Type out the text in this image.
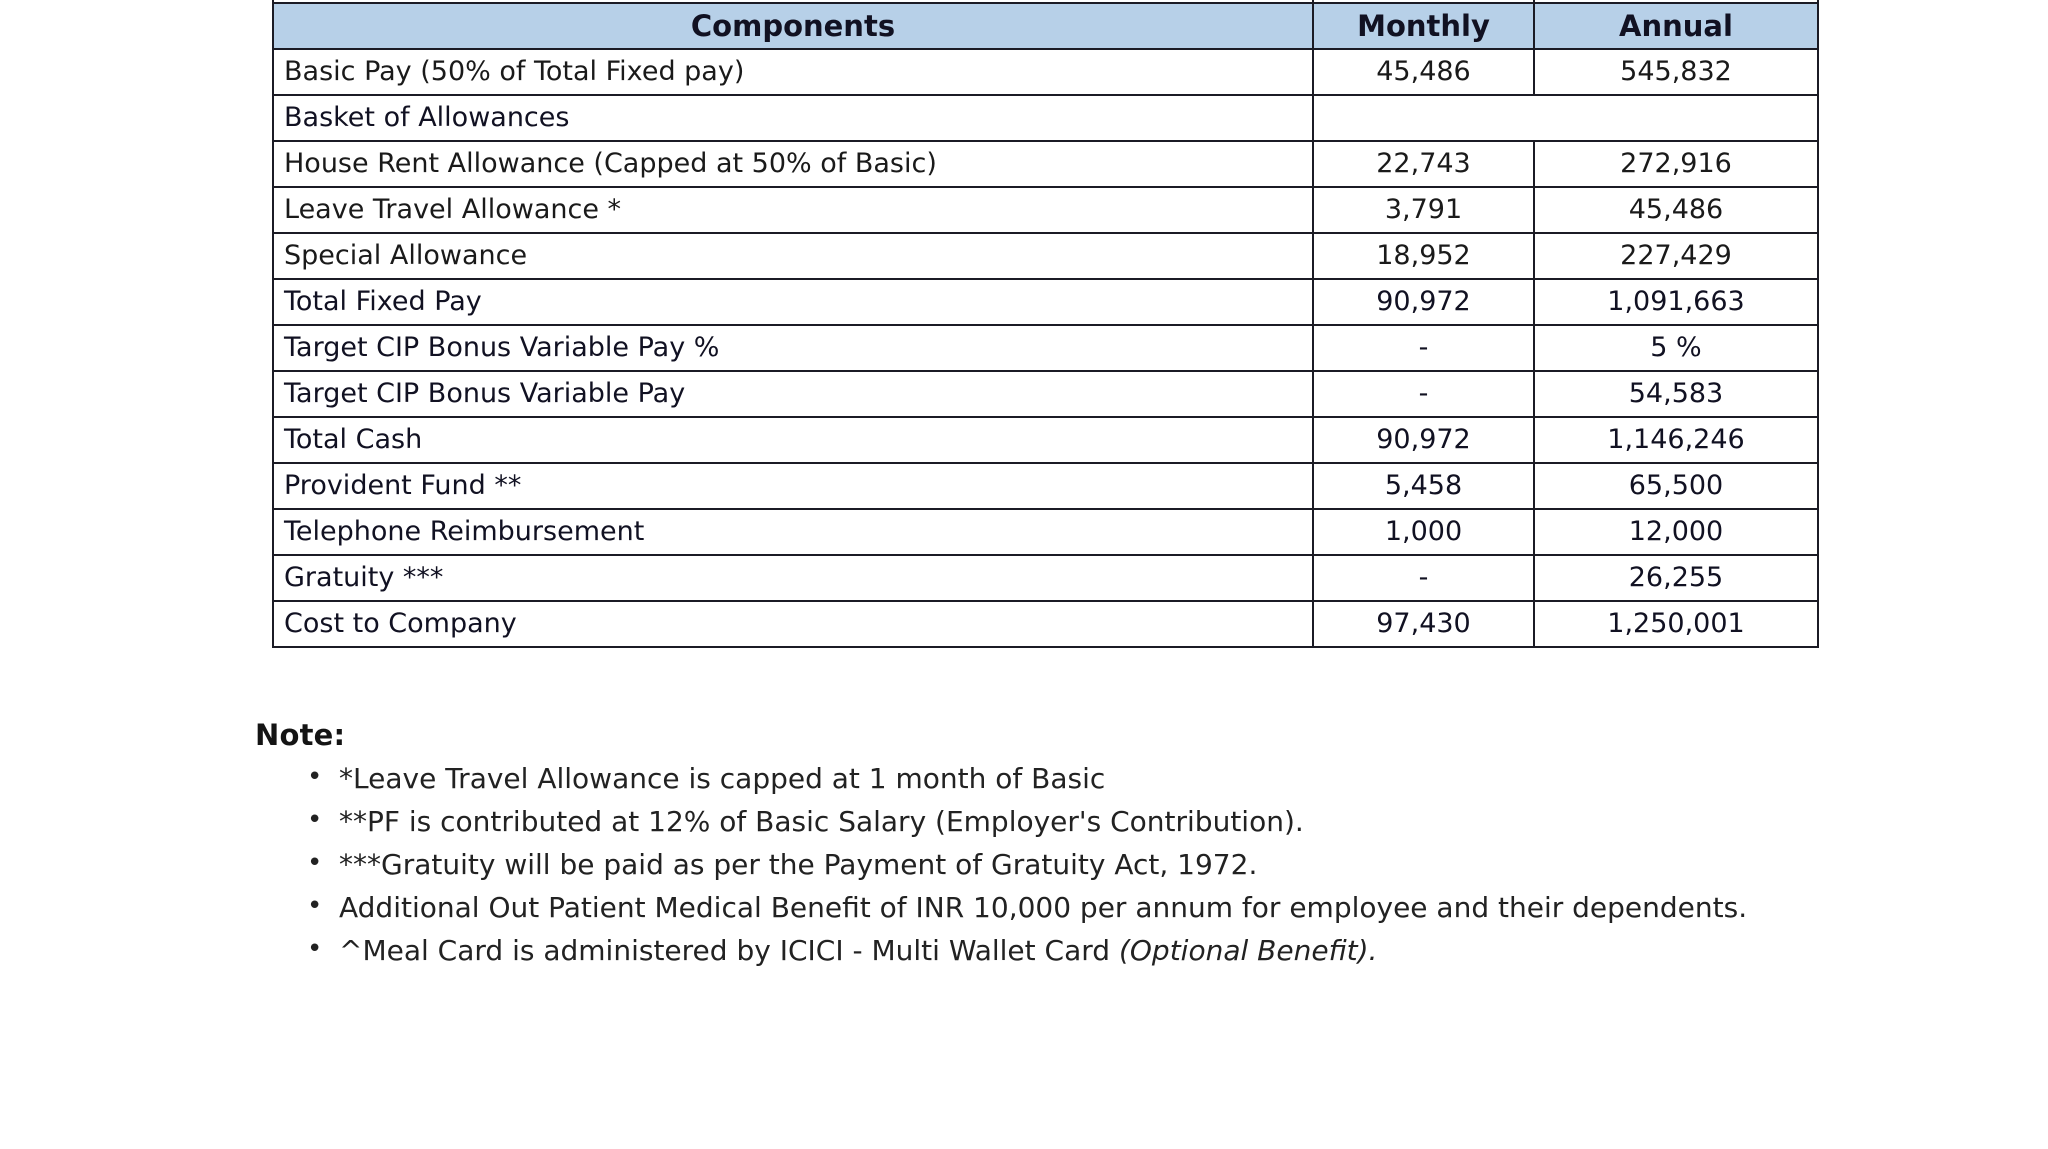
Components	Monthly	Annual
Basic Pay (50% of Total Fixed pay)	45,486	545,832
Basket of Allowances		
House Rent Allowance (Capped at 50% of Basic)	22,743	272,916
Leave Travel Allowance *	3,791	45,486
Special Allowance	18,952	227,429
Total Fixed Pay	90,972	1,091,663
Target CIP Bonus Variable Pay %	-	5 %
Target CIP Bonus Variable Pay	-	54,583
Total Cash	90,972	1,146,246
Provident Fund **	5,458	65,500
Telephone Reimbursement	1,000	12,000
Gratuity ***	-	26,255
Cost to Company	97,430	1,250,001
Note:
• *Leave Travel Allowance is capped at 1 month of Basic
• **PF is contributed at 12% of Basic Salary (Employer's Contribution).
• ***Gratuity will be paid as per the Payment of Gratuity Act, 1972.
• Additional Out Patient Medical Benefit of INR 10,000 per annum for employee and their dependents.
• ^Meal Card is administered by ICICI - Multi Wallet Card (Optional Benefit).
